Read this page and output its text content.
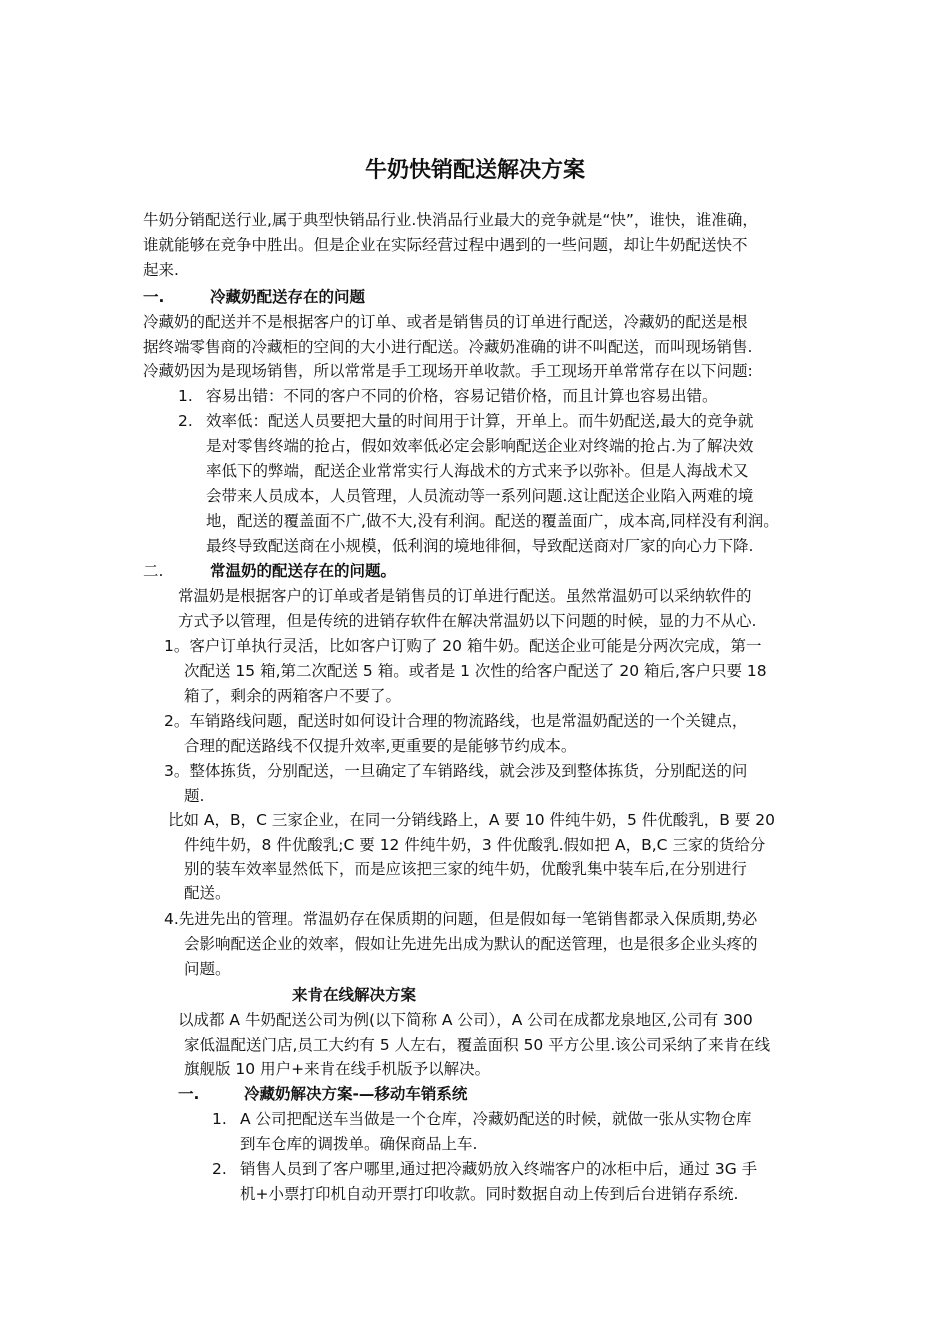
牛奶快销配送解决方案
牛奶分销配送行业,属于典型快销品行业.快消品行业最大的竞争就是“快”，谁快，谁准确，
谁就能够在竞争中胜出。但是企业在实际经营过程中遇到的一些问题，却让牛奶配送快不
起来.
一.	冷藏奶配送存在的问题
冷藏奶的配送并不是根据客户的订单、或者是销售员的订单进行配送，冷藏奶的配送是根
据终端零售商的冷藏柜的空间的大小进行配送。冷藏奶准确的讲不叫配送，而叫现场销售.
冷藏奶因为是现场销售，所以常常是手工现场开单收款。手工现场开单常常存在以下问题:
1. 容易出错：不同的客户不同的价格，容易记错价格，而且计算也容易出错。
2. 效率低：配送人员要把大量的时间用于计算，开单上。而牛奶配送,最大的竞争就
是对零售终端的抢占，假如效率低必定会影响配送企业对终端的抢占.为了解决效
率低下的弊端，配送企业常常实行人海战术的方式来予以弥补。但是人海战术又
会带来人员成本，人员管理，人员流动等一系列问题.这让配送企业陷入两难的境
地，配送的覆盖面不广,做不大,没有利润。配送的覆盖面广，成本高,同样没有利润。
最终导致配送商在小规模，低利润的境地徘徊，导致配送商对厂家的向心力下降.
二.	常温奶的配送存在的问题。
常温奶是根据客户的订单或者是销售员的订单进行配送。虽然常温奶可以采纳软件的
方式予以管理，但是传统的进销存软件在解决常温奶以下问题的时候，显的力不从心.
1。客户订单执行灵活，比如客户订购了 20 箱牛奶。配送企业可能是分两次完成，第一
次配送 15 箱,第二次配送 5 箱。或者是 1 次性的给客户配送了 20 箱后,客户只要 18
箱了，剩余的两箱客户不要了。
2。车销路线问题，配送时如何设计合理的物流路线，也是常温奶配送的一个关键点，
合理的配送路线不仅提升效率,更重要的是能够节约成本。
3。整体拣货，分别配送，一旦确定了车销路线，就会涉及到整体拣货，分别配送的问
题.
比如 A，B，C 三家企业，在同一分销线路上，A 要 10 件纯牛奶，5 件优酸乳，B 要 20
件纯牛奶，8 件优酸乳;C 要 12 件纯牛奶，3 件优酸乳.假如把 A，B,C 三家的货给分
别的装车效率显然低下，而是应该把三家的纯牛奶，优酸乳集中装车后,在分别进行
配送。
4.先进先出的管理。常温奶存在保质期的问题，但是假如每一笔销售都录入保质期,势必
会影响配送企业的效率，假如让先进先出成为默认的配送管理，也是很多企业头疼的
问题。
来肯在线解决方案
以成都 A 牛奶配送公司为例(以下简称 A 公司），A 公司在成都龙泉地区,公司有 300
家低温配送门店,员工大约有 5 人左右，覆盖面积 50 平方公里.该公司采纳了来肯在线
旗舰版 10 用户+来肯在线手机版予以解决。
一.	冷藏奶解决方案-—移动车销系统
1. A 公司把配送车当做是一个仓库，冷藏奶配送的时候，就做一张从实物仓库
到车仓库的调拨单。确保商品上车.
2. 销售人员到了客户哪里,通过把冷藏奶放入终端客户的冰柜中后，通过 3G 手
机+小票打印机自动开票打印收款。同时数据自动上传到后台进销存系统.
